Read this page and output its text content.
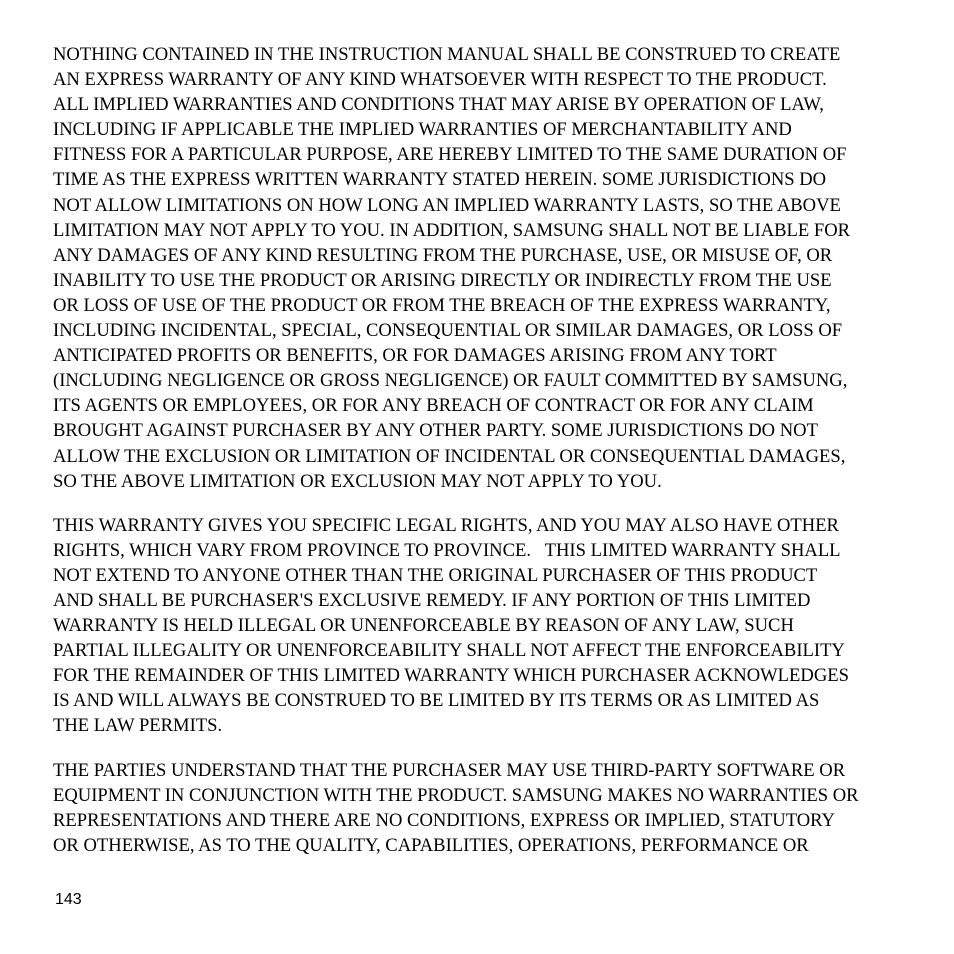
NOTHING CONTAINED IN THE INSTRUCTION MANUAL SHALL BE CONSTRUED TO CREATE
AN EXPRESS WARRANTY OF ANY KIND WHATSOEVER WITH RESPECT TO THE PRODUCT.
ALL IMPLIED WARRANTIES AND CONDITIONS THAT MAY ARISE BY OPERATION OF LAW,
INCLUDING IF APPLICABLE THE IMPLIED WARRANTIES OF MERCHANTABILITY AND
FITNESS FOR A PARTICULAR PURPOSE, ARE HEREBY LIMITED TO THE SAME DURATION OF
TIME AS THE EXPRESS WRITTEN WARRANTY STATED HEREIN. SOME JURISDICTIONS DO
NOT ALLOW LIMITATIONS ON HOW LONG AN IMPLIED WARRANTY LASTS, SO THE ABOVE
LIMITATION MAY NOT APPLY TO YOU. IN ADDITION, SAMSUNG SHALL NOT BE LIABLE FOR
ANY DAMAGES OF ANY KIND RESULTING FROM THE PURCHASE, USE, OR MISUSE OF, OR
INABILITY TO USE THE PRODUCT OR ARISING DIRECTLY OR INDIRECTLY FROM THE USE
OR LOSS OF USE OF THE PRODUCT OR FROM THE BREACH OF THE EXPRESS WARRANTY,
INCLUDING INCIDENTAL, SPECIAL, CONSEQUENTIAL OR SIMILAR DAMAGES, OR LOSS OF
ANTICIPATED PROFITS OR BENEFITS, OR FOR DAMAGES ARISING FROM ANY TORT
(INCLUDING NEGLIGENCE OR GROSS NEGLIGENCE) OR FAULT COMMITTED BY SAMSUNG,
ITS AGENTS OR EMPLOYEES, OR FOR ANY BREACH OF CONTRACT OR FOR ANY CLAIM
BROUGHT AGAINST PURCHASER BY ANY OTHER PARTY. SOME JURISDICTIONS DO NOT
ALLOW THE EXCLUSION OR LIMITATION OF INCIDENTAL OR CONSEQUENTIAL DAMAGES,
SO THE ABOVE LIMITATION OR EXCLUSION MAY NOT APPLY TO YOU.

THIS WARRANTY GIVES YOU SPECIFIC LEGAL RIGHTS, AND YOU MAY ALSO HAVE OTHER
RIGHTS, WHICH VARY FROM PROVINCE TO PROVINCE.   THIS LIMITED WARRANTY SHALL
NOT EXTEND TO ANYONE OTHER THAN THE ORIGINAL PURCHASER OF THIS PRODUCT
AND SHALL BE PURCHASER'S EXCLUSIVE REMEDY. IF ANY PORTION OF THIS LIMITED
WARRANTY IS HELD ILLEGAL OR UNENFORCEABLE BY REASON OF ANY LAW, SUCH
PARTIAL ILLEGALITY OR UNENFORCEABILITY SHALL NOT AFFECT THE ENFORCEABILITY
FOR THE REMAINDER OF THIS LIMITED WARRANTY WHICH PURCHASER ACKNOWLEDGES
IS AND WILL ALWAYS BE CONSTRUED TO BE LIMITED BY ITS TERMS OR AS LIMITED AS
THE LAW PERMITS.

THE PARTIES UNDERSTAND THAT THE PURCHASER MAY USE THIRD-PARTY SOFTWARE OR
EQUIPMENT IN CONJUNCTION WITH THE PRODUCT. SAMSUNG MAKES NO WARRANTIES OR
REPRESENTATIONS AND THERE ARE NO CONDITIONS, EXPRESS OR IMPLIED, STATUTORY
OR OTHERWISE, AS TO THE QUALITY, CAPABILITIES, OPERATIONS, PERFORMANCE OR

143
